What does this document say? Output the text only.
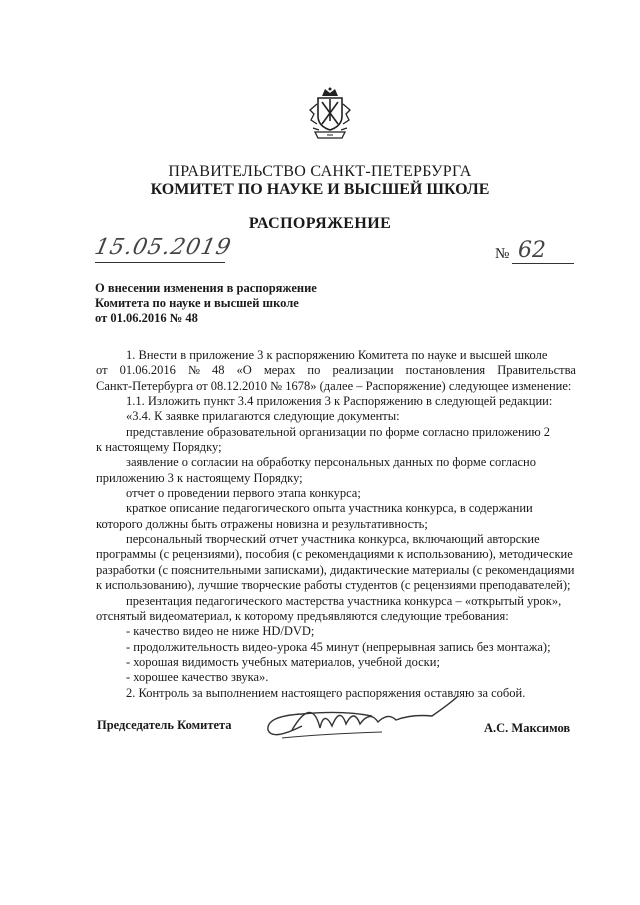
ПРАВИТЕЛЬСТВО САНКТ-ПЕТЕРБУРГА
КОМИТЕТ ПО НАУКЕ И ВЫСШЕЙ ШКОЛЕ
РАСПОРЯЖЕНИЕ
15.05.2019	№ 62
О внесении изменения в распоряжение
Комитета по науке и высшей школе
от 01.06.2016 № 48
1. Внести в приложение 3 к распоряжению Комитета по науке и высшей школе
от 01.06.2016 № 48 «О мерах по реализации постановления Правительства
Санкт-Петербурга от 08.12.2010 № 1678» (далее – Распоряжение) следующее изменение:
1.1. Изложить пункт 3.4 приложения 3 к Распоряжению в следующей редакции:
«3.4. К заявке прилагаются следующие документы:
представление образовательной организации по форме согласно приложению 2
к настоящему Порядку;
заявление о согласии на обработку персональных данных по форме согласно
приложению 3 к настоящему Порядку;
отчет о проведении первого этапа конкурса;
краткое описание педагогического опыта участника конкурса, в содержании
которого должны быть отражены новизна и результативность;
персональный творческий отчет участника конкурса, включающий авторские
программы (с рецензиями), пособия (с рекомендациями к использованию), методические
разработки (с пояснительными записками), дидактические материалы (с рекомендациями
к использованию), лучшие творческие работы студентов (с рецензиями преподавателей);
презентация педагогического мастерства участника конкурса – «открытый урок»,
отснятый видеоматериал, к которому предъявляются следующие требования:
- качество видео не ниже HD/DVD;
- продолжительность видео-урока 45 минут (непрерывная запись без монтажа);
- хорошая видимость учебных материалов, учебной доски;
- хорошее качество звука».
2. Контроль за выполнением настоящего распоряжения оставляю за собой.
Председатель Комитета	А.С. Максимов
